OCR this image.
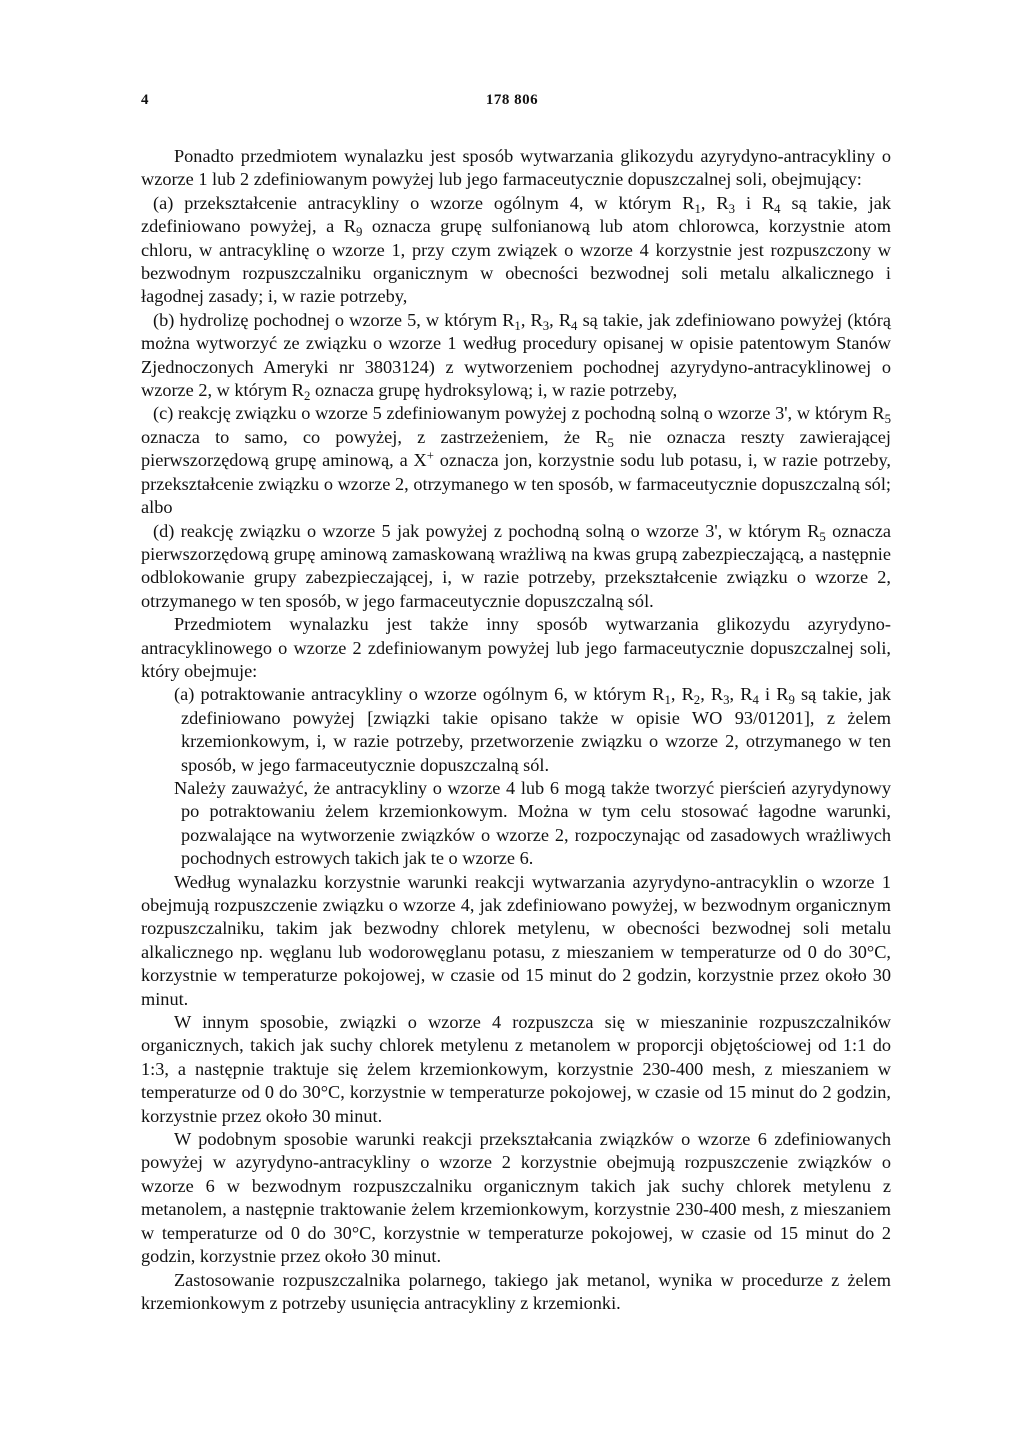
4	178 806

Ponadto przedmiotem wynalazku jest sposób wytwarzania glikozydu azyrydyno-antracykliny o wzorze 1 lub 2 zdefiniowanym powyżej lub jego farmaceutycznie dopuszczalnej soli, obejmujący:

(a) przekształcenie antracykliny o wzorze ogólnym 4, w którym $R_1$, $R_3$ i $R_4$ są takie, jak zdefiniowano powyżej, a $R_9$ oznacza grupę sulfonianową lub atom chlorowca, korzystnie atom chloru, w antracyklinę o wzorze 1, przy czym związek o wzorze 4 korzystnie jest rozpuszczony w bezwodnym rozpuszczalniku organicznym w obecności bezwodnej soli metalu alkalicznego i łagodnej zasady; i, w razie potrzeby,

(b) hydrolizę pochodnej o wzorze 5, w którym $R_1$, $R_3$, $R_4$ są takie, jak zdefiniowano powyżej (którą można wytworzyć ze związku o wzorze 1 według procedury opisanej w opisie patentowym Stanów Zjednoczonych Ameryki nr 3803124) z wytworzeniem pochodnej azyrydyno-antracyklinowej o wzorze 2, w którym $R_2$ oznacza grupę hydroksylową; i, w razie potrzeby,

(c) reakcję związku o wzorze 5 zdefiniowanym powyżej z pochodną solną o wzorze 3', w którym $R_5$ oznacza to samo, co powyżej, z zastrzeżeniem, że $R_5$ nie oznacza reszty zawierającej pierwszorzędową grupę aminową, a X+ oznacza jon, korzystnie sodu lub potasu, i, w razie potrzeby, przekształcenie związku o wzorze 2, otrzymanego w ten sposób, w farmaceutycznie dopuszczalną sól; albo

(d) reakcję związku o wzorze 5 jak powyżej z pochodną solną o wzorze 3', w którym $R_5$ oznacza pierwszorzędową grupę aminową zamaskowaną wrażliwą na kwas grupą zabezpieczającą, a następnie odblokowanie grupy zabezpieczającej, i, w razie potrzeby, przekształcenie związku o wzorze 2, otrzymanego w ten sposób, w jego farmaceutycznie dopuszczalną sól.

Przedmiotem wynalazku jest także inny sposób wytwarzania glikozydu azyrydyno-antracyklinowego o wzorze 2 zdefiniowanym powyżej lub jego farmaceutycznie dopuszczalnej soli, który obejmuje:

(a) potraktowanie antracykliny o wzorze ogólnym 6, w którym $R_1$, $R_2$, $R_3$, $R_4$ i $R_9$ są takie, jak zdefiniowano powyżej [związki takie opisano także w opisie WO 93/01201], z żelem krzemionkowym, i, w razie potrzeby, przetworzenie związku o wzorze 2, otrzymanego w ten sposób, w jego farmaceutycznie dopuszczalną sól.

Należy zauważyć, że antracykliny o wzorze 4 lub 6 mogą także tworzyć pierścień azyrydynowy po potraktowaniu żelem krzemionkowym. Można w tym celu stosować łagodne warunki, pozwalające na wytworzenie związków o wzorze 2, rozpoczynając od zasadowych wrażliwych pochodnych estrowych takich jak te o wzorze 6.

Według wynalazku korzystnie warunki reakcji wytwarzania azyrydyno-antracyklin o wzorze 1 obejmują rozpuszczenie związku o wzorze 4, jak zdefiniowano powyżej, w bezwodnym organicznym rozpuszczalniku, takim jak bezwodny chlorek metylenu, w obecności bezwodnej soli metalu alkalicznego np. węglanu lub wodorowęglanu potasu, z mieszaniem w temperaturze od 0 do 30°C, korzystnie w temperaturze pokojowej, w czasie od 15 minut do 2 godzin, korzystnie przez około 30 minut.

W innym sposobie, związki o wzorze 4 rozpuszcza się w mieszaninie rozpuszczalników organicznych, takich jak suchy chlorek metylenu z metanolem w proporcji objętościowej od 1:1 do 1:3, a następnie traktuje się żelem krzemionkowym, korzystnie 230-400 mesh, z mieszaniem w temperaturze od 0 do 30°C, korzystnie w temperaturze pokojowej, w czasie od 15 minut do 2 godzin, korzystnie przez około 30 minut.

W podobnym sposobie warunki reakcji przekształcania związków o wzorze 6 zdefiniowanych powyżej w azyrydyno-antracykliny o wzorze 2 korzystnie obejmują rozpuszczenie związków o wzorze 6 w bezwodnym rozpuszczalniku organicznym takich jak suchy chlorek metylenu z metanolem, a następnie traktowanie żelem krzemionkowym, korzystnie 230-400 mesh, z mieszaniem w temperaturze od 0 do 30°C, korzystnie w temperaturze pokojowej, w czasie od 15 minut do 2 godzin, korzystnie przez około 30 minut.

Zastosowanie rozpuszczalnika polarnego, takiego jak metanol, wynika w procedurze z żelem krzemionkowym z potrzeby usunięcia antracykliny z krzemionki.
